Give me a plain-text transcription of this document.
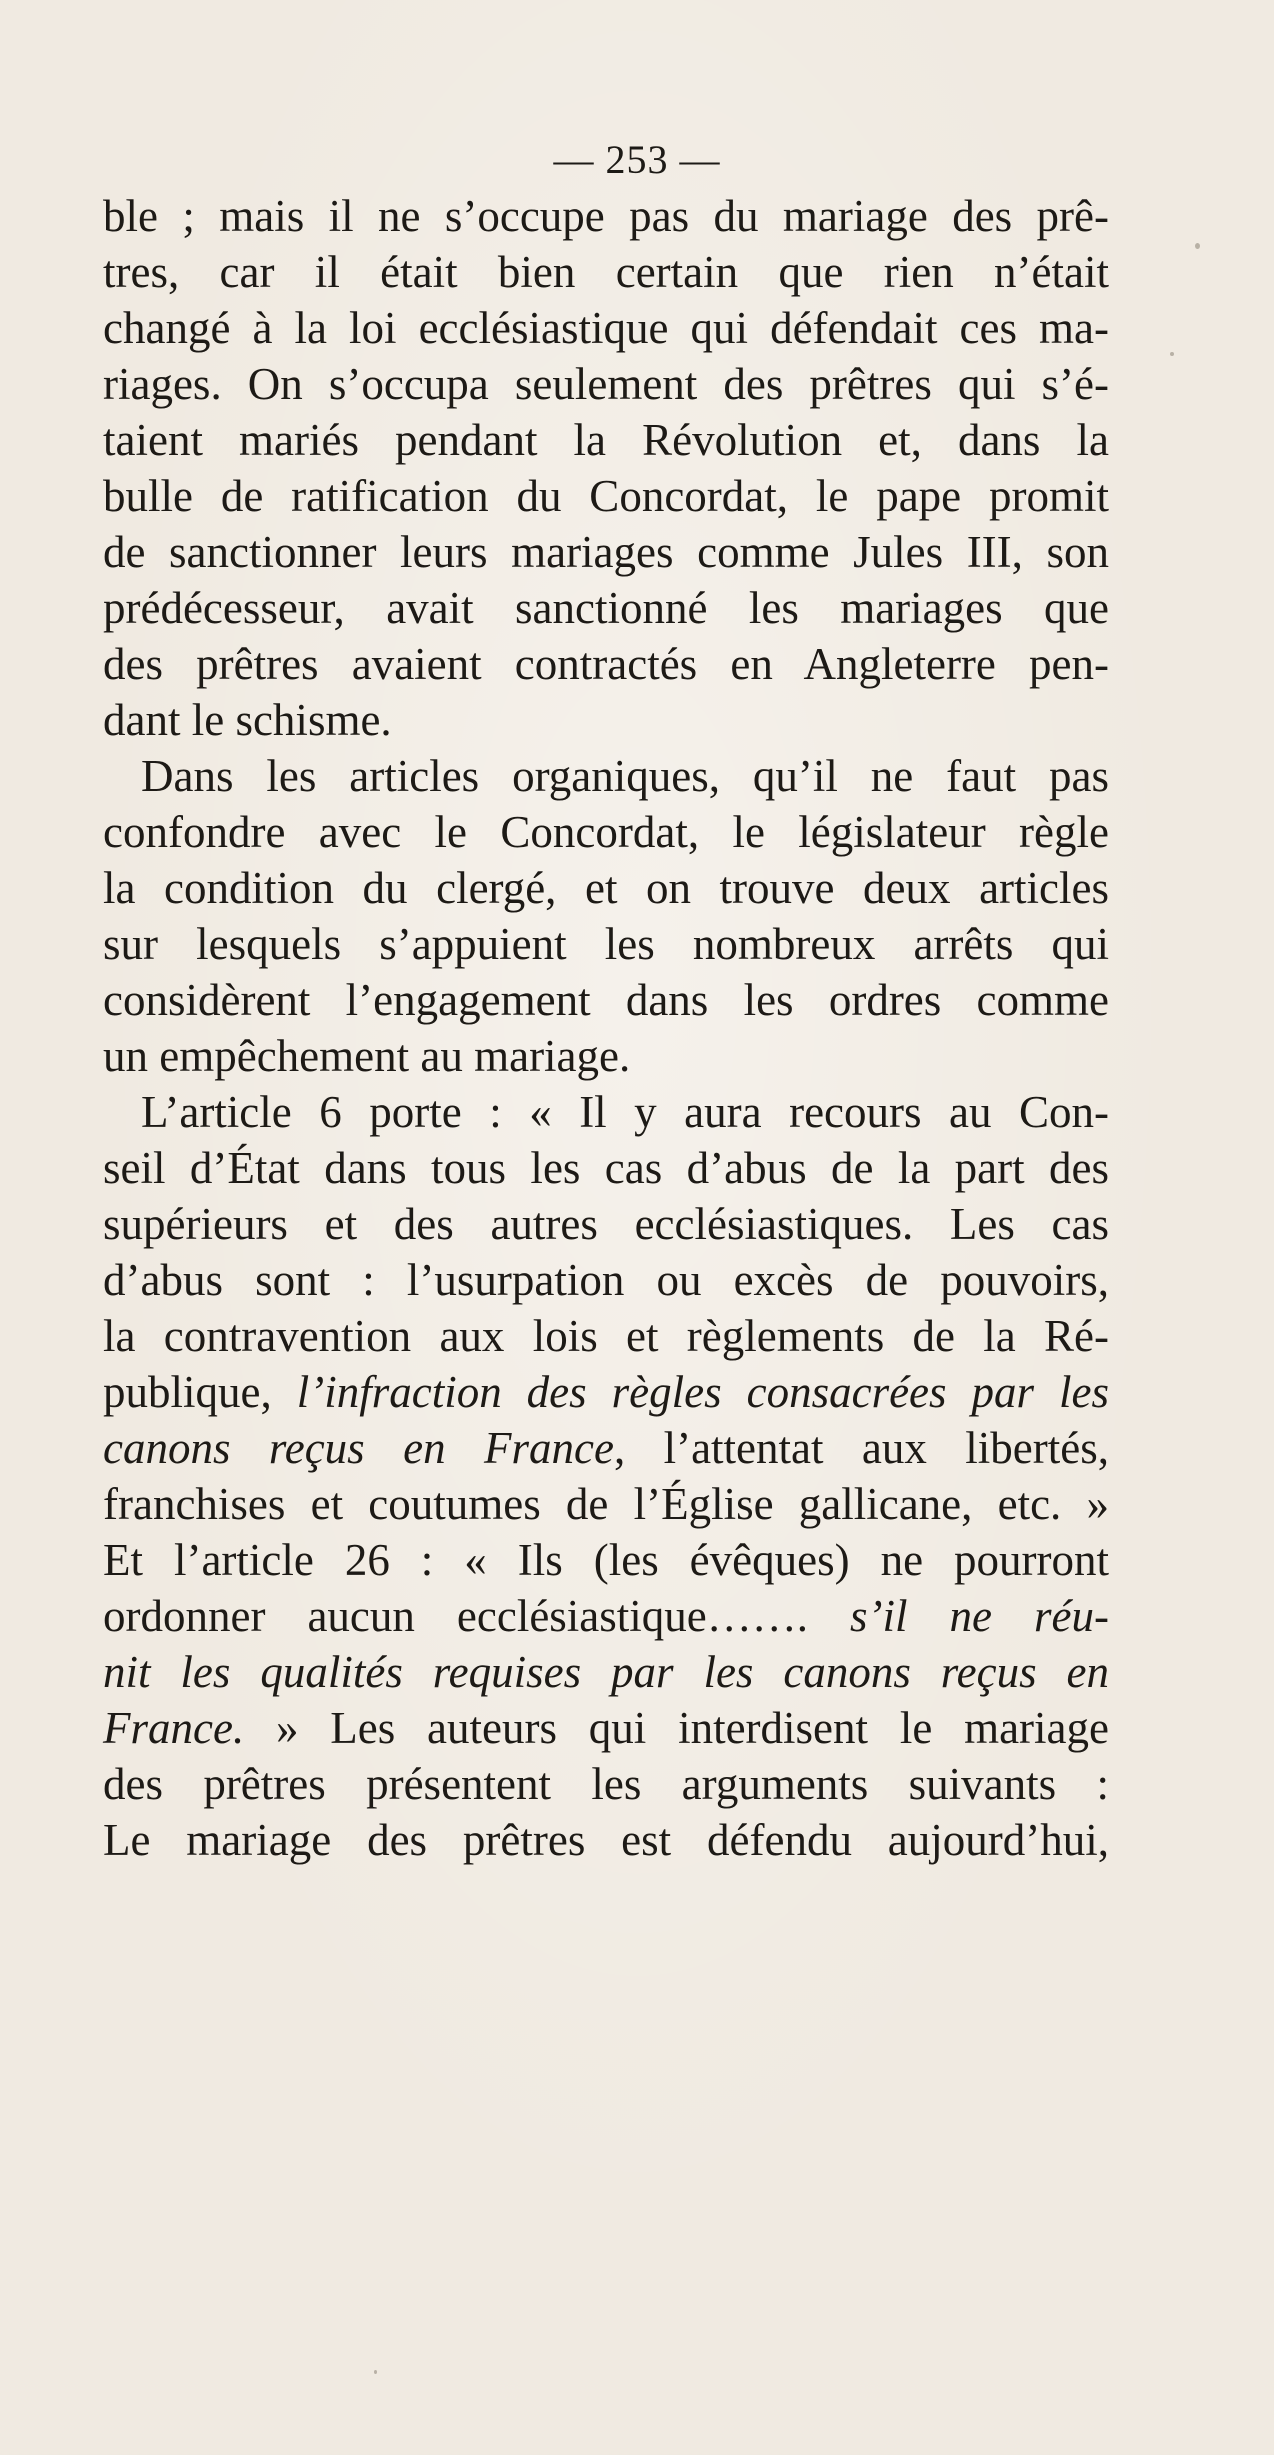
— 253 —
ble ; mais il ne s’occupe pas du mariage des prê-
tres, car il était bien certain que rien n’était
changé à la loi ecclésiastique qui défendait ces ma-
riages. On s’occupa seulement des prêtres qui s’é-
taient mariés pendant la Révolution et, dans la
bulle de ratification du Concordat, le pape promit
de sanctionner leurs mariages comme Jules III, son
prédécesseur, avait sanctionné les mariages que
des prêtres avaient contractés en Angleterre pen-
dant le schisme.
Dans les articles organiques, qu’il ne faut pas
confondre avec le Concordat, le législateur règle
la condition du clergé, et on trouve deux articles
sur lesquels s’appuient les nombreux arrêts qui
considèrent l’engagement dans les ordres comme
un empêchement au mariage.
L’article 6 porte : « Il y aura recours au Con-
seil d’État dans tous les cas d’abus de la part des
supérieurs et des autres ecclésiastiques. Les cas
d’abus sont : l’usurpation ou excès de pouvoirs,
la contravention aux lois et règlements de la Ré-
publique, l’infraction des règles consacrées par les
canons reçus en France, l’attentat aux libertés,
franchises et coutumes de l’Église gallicane, etc. »
Et l’article 26 : « Ils (les évêques) ne pourront
ordonner aucun ecclésiastique……. s’il ne réu-
nit les qualités requises par les canons reçus en
France. » Les auteurs qui interdisent le mariage
des prêtres présentent les arguments suivants :
Le mariage des prêtres est défendu aujourd’hui,
